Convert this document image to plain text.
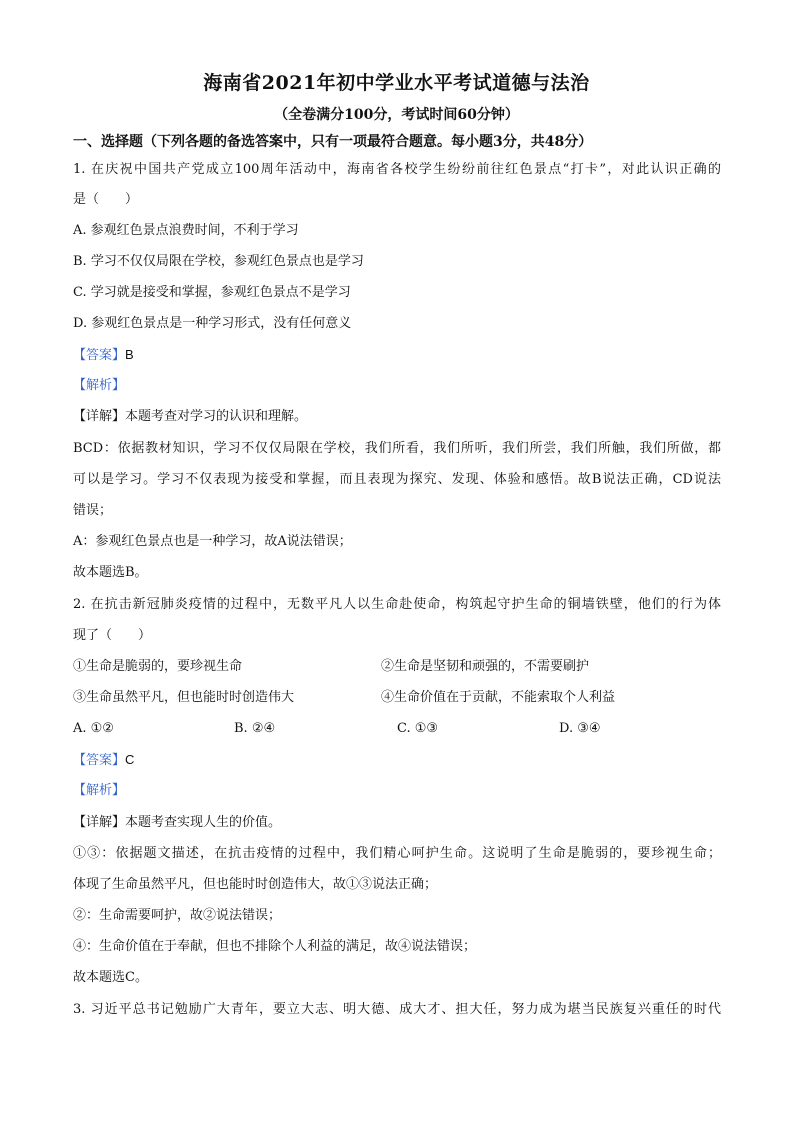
海南省2021年初中学业水平考试道德与法治
（全卷满分100分，考试时间60分钟）
一、选择题（下列各题的备选答案中，只有一项最符合题意。每小题3分，共48分）
1. 在庆祝中国共产党成立100周年活动中，海南省各校学生纷纷前往红色景点“打卡”，对此认识正确的
是（　　）
A. 参观红色景点浪费时间，不利于学习
B. 学习不仅仅局限在学校，参观红色景点也是学习
C. 学习就是接受和掌握，参观红色景点不是学习
D. 参观红色景点是一种学习形式，没有任何意义
【答案】B
【解析】
【详解】本题考查对学习的认识和理解。
BCD：依据教材知识，学习不仅仅局限在学校，我们所看，我们所听，我们所尝，我们所触，我们所做，都
可以是学习。学习不仅表现为接受和掌握，而且表现为探究、发现、体验和感悟。故B说法正确，CD说法
错误；
A：参观红色景点也是一种学习，故A说法错误；
故本题选B。
2. 在抗击新冠肺炎疫情的过程中，无数平凡人以生命赴使命，构筑起守护生命的铜墙铁壁，他们的行为体
现了（　　）
①生命是脆弱的，要珍视生命	②生命是坚韧和顽强的，不需要刷护
③生命虽然平凡，但也能时时创造伟大	④生命价值在于贡献，不能索取个人利益
A. ①②	B. ②④	C. ①③	D. ③④
【答案】C
【解析】
【详解】本题考查实现人生的价值。
①③：依据题文描述，在抗击疫情的过程中，我们精心呵护生命。这说明了生命是脆弱的，要珍视生命；
体现了生命虽然平凡，但也能时时创造伟大，故①③说法正确；
②：生命需要呵护，故②说法错误；
④：生命价值在于奉献，但也不排除个人利益的满足，故④说法错误；
故本题选C。
3. 习近平总书记勉励广大青年，要立大志、明大德、成大才、担大任，努力成为堪当民族复兴重任的时代
